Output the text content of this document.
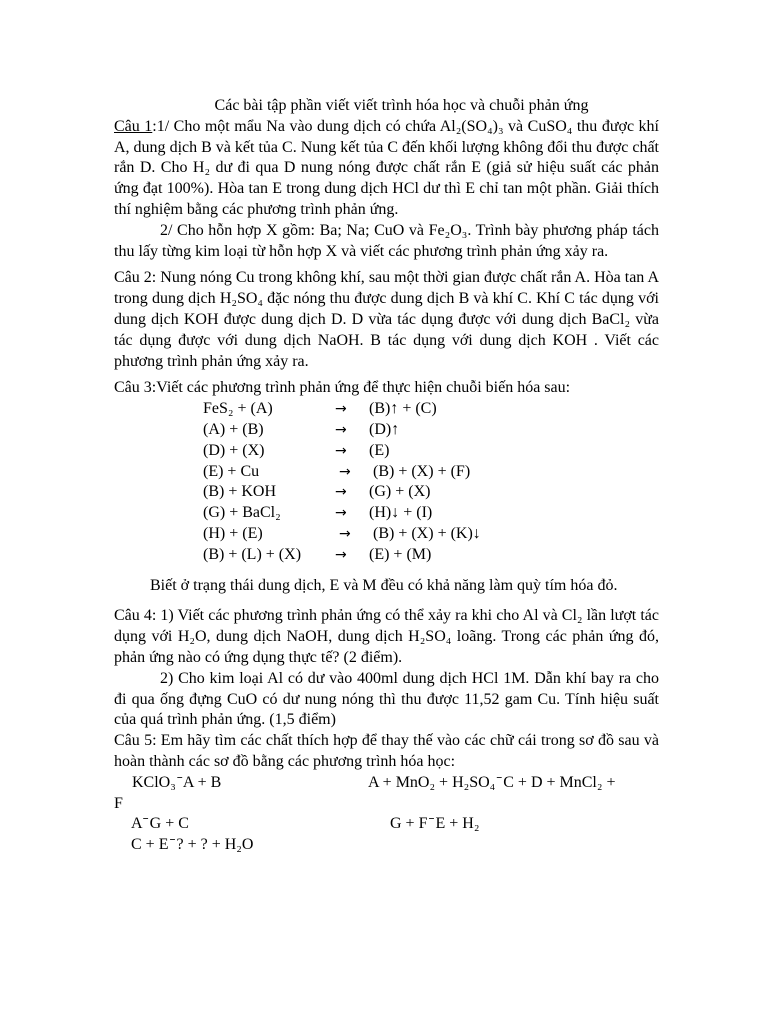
Các bài tập phần viết viết trình hóa học và chuỗi phản ứng

Câu 1:1/ Cho một mẩu Na vào dung dịch có chứa Al₂(SO₄)₃ và CuSO₄ thu được khí A, dung dịch B và kết tủa C. Nung kết tủa C đến khối lượng không đổi thu được chất rắn D. Cho H₂ dư đi qua D nung nóng được chất rắn E (giả sử hiệu suất các phản ứng đạt 100%). Hòa tan E trong dung dịch HCl dư thì E chỉ tan một phần. Giải thích thí nghiệm bằng các phương trình phản ứng.

2/ Cho hỗn hợp X gồm: Ba; Na; CuO và Fe₂O₃. Trình bày phương pháp tách thu lấy từng kim loại từ hỗn hợp X và viết các phương trình phản ứng xảy ra.

Câu 2: Nung nóng Cu trong không khí, sau một thời gian được chất rắn A. Hòa tan A trong dung dịch H₂SO₄ đặc nóng thu được dung dịch B và khí C. Khí C tác dụng với dung dịch KOH được dung dịch D. D vừa tác dụng được với dung dịch BaCl₂ vừa tác dụng được với dung dịch NaOH. B tác dụng với dung dịch KOH . Viết các phương trình phản ứng xảy ra.

Câu 3:Viết các phương trình phản ứng để thực hiện chuỗi biến hóa sau:

FeS₂ + (A)	→	(B)↑ + (C)
(A) + (B)	→	(D)↑
(D) + (X)	→	(E)
(E) + Cu	→	(B) + (X) + (F)
(B) + KOH	→	(G) + (X)
(G) + BaCl₂	→	(H)↓ + (I)
(H) + (E)	→	(B) + (X) + (K)↓
(B) + (L) + (X)	→	(E) + (M)

Biết ở trạng thái dung dịch, E và M đều có khả năng làm quỳ tím hóa đỏ.

Câu 4: 1) Viết các phương trình phản ứng có thể xảy ra khi cho Al và Cl₂ lần lượt tác dụng với H₂O, dung dịch NaOH, dung dịch H₂SO₄ loãng. Trong các phản ứng đó, phản ứng nào có ứng dụng thực tế? (2 điểm).

2) Cho kim loại Al có dư vào 400ml dung dịch HCl 1M. Dẫn khí bay ra cho đi qua ống đựng CuO có dư nung nóng thì thu được 11,52 gam Cu. Tính hiệu suất của quá trình phản ứng. (1,5 điểm)

Câu 5: Em hãy tìm các chất thích hợp để thay thế vào các chữ cái trong sơ đồ sau và hoàn thành các sơ đồ bằng các phương trình hóa học:

KClO₃ ̄ A + B	A + MnO₂ + H₂SO₄ ̄ C + D + MnCl₂ +
F
A ̄ G + C	G + F ̄ E + H₂
C + E ̄ ? + ? + H₂O
